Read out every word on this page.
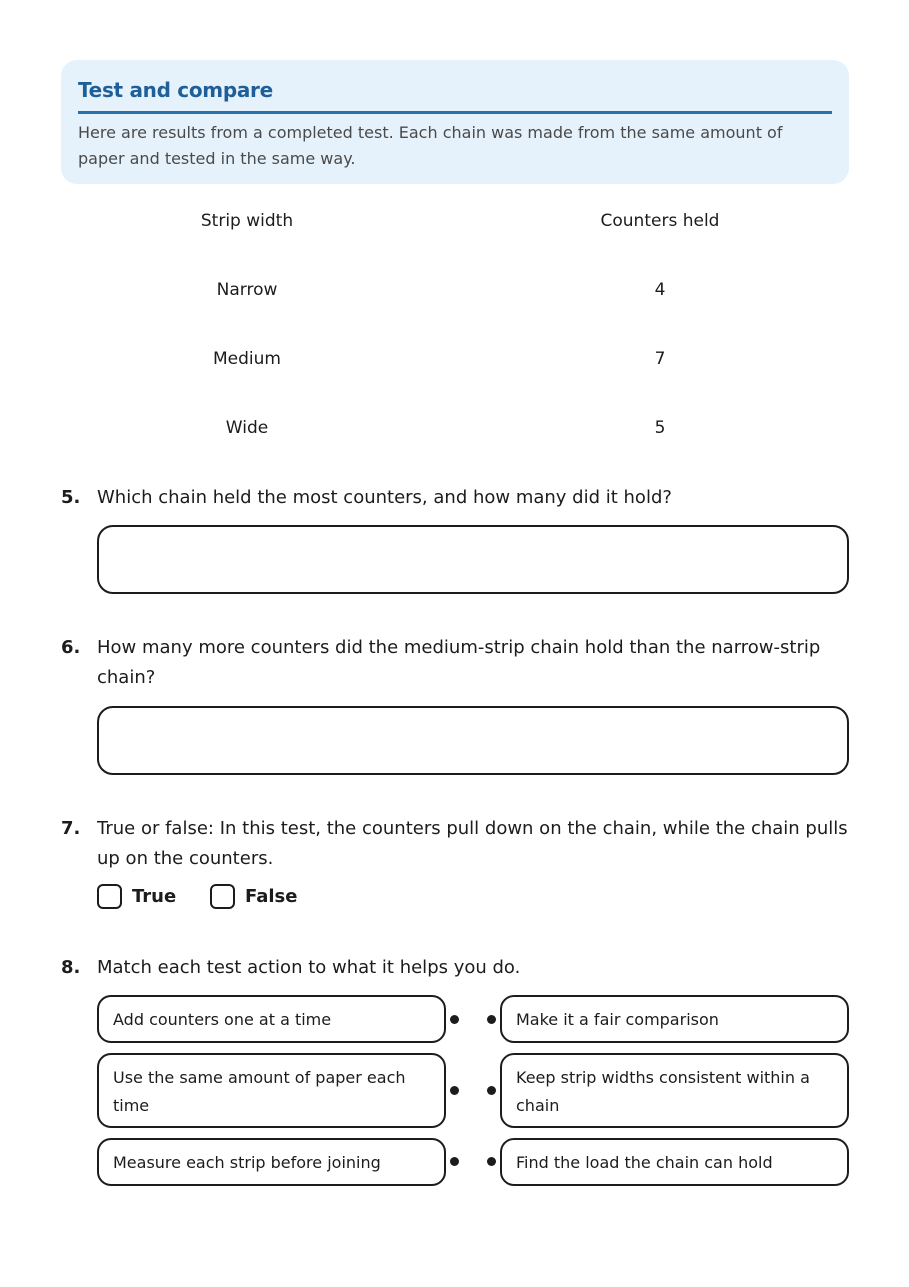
Test and compare

Here are results from a completed test. Each chain was made from the same amount of paper and tested in the same way.

Strip width	Counters held
Narrow	4
Medium	7
Wide	5
5. Which chain held the most counters, and how many did it hold?

6. How many more counters did the medium-strip chain hold than the narrow-strip chain?

7. True or false: In this test, the counters pull down on the chain, while the chain pulls up on the counters.

True	False
8. Match each test action to what it helps you do.

Add counters one at a time	Make it a fair comparison
Use the same amount of paper each time
Keep strip widths consistent within a chain
Measure each strip before joining	Find the load the chain can hold
